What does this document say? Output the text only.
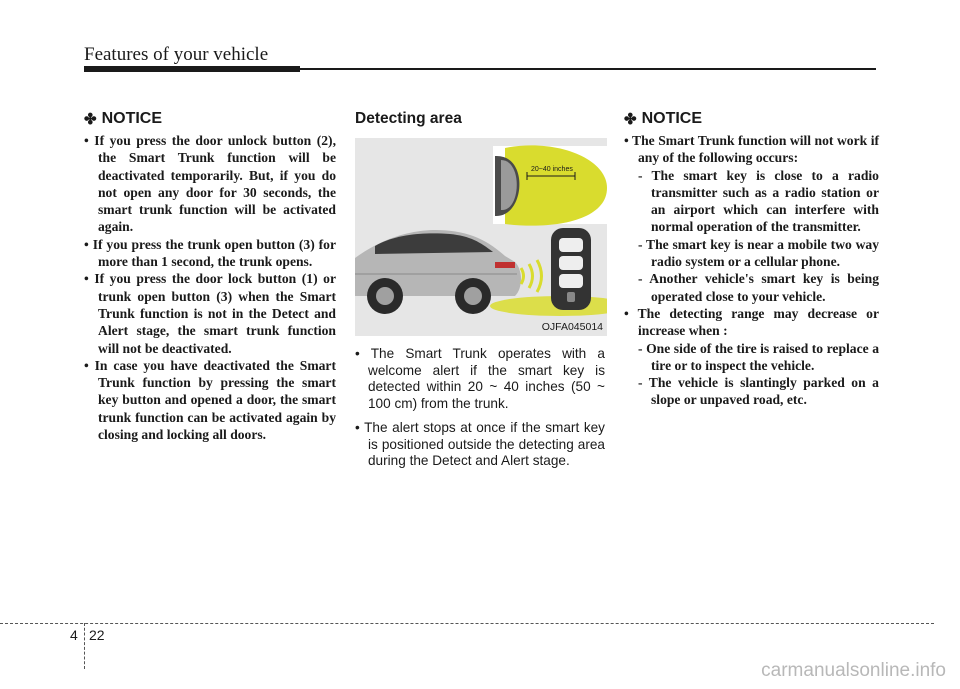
Features of your vehicle
✤ NOTICE
• If you press the door unlock button (2), the Smart Trunk function will be deactivated temporarily. But, if you do not open any door for 30 seconds, the smart trunk function will be activated again.
• If you press the trunk open button (3) for more than 1 second, the trunk opens.
• If you press the door lock button (1) or trunk open button (3) when the Smart Trunk function is not in the Detect and Alert stage, the smart trunk function will not be deactivated.
• In case you have deactivated the Smart Trunk function by pressing the smart key button and opened a door, the smart trunk function can be activated again by closing and locking all doors.
Detecting area
20~40 inches
OJFA045014
• The Smart Trunk operates with a welcome alert if the smart key is detected within 20 ~ 40 inches (50 ~ 100 cm) from the trunk.
• The alert stops at once if the smart key is positioned outside the detecting area during the Detect and Alert stage.
✤ NOTICE
• The Smart Trunk function will not work if any of the following occurs:
- The smart key is close to a radio transmitter such as a radio station or an airport which can interfere with normal operation of the transmitter.
- The smart key is near a mobile two way radio system or a cellular phone.
- Another vehicle's smart key is being operated close to your vehicle.
• The detecting range may decrease or increase when :
- One side of the tire is raised to replace a tire or to inspect the vehicle.
- The vehicle is slantingly parked on a slope or unpaved road, etc.
4 22
carmanualsonline.info
